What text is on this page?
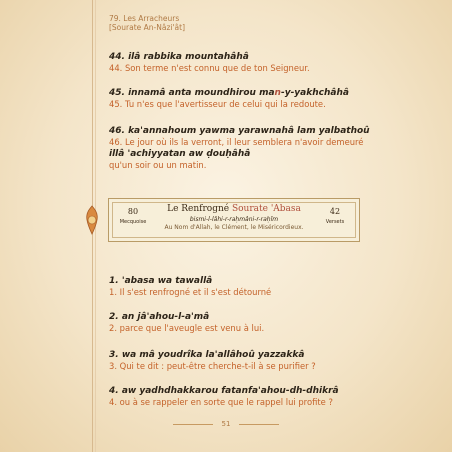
79. Les Arracheurs
[Sourate An-Nâzi'ât]
44. ilâ rabbika mountahâhâ
44. Son terme n'est connu que de ton Seigneur.
45. innamâ anta moundhirou man-y-yakhchâhâ
45. Tu n'es que l'avertisseur de celui qui la redoute.
46. ka'annahoum yawma yarawnahâ lam yalbathoû
46. Le jour où ils la verront, il leur semblera n'avoir demeuré
illâ 'achiyyatan aw ḍouḥâhâ
qu'un soir ou un matin.
80
Mecquoise
Le Renfrogné Sourate 'Abasa
bismi-l-lâhi-r-raḥmâni-r-raḥîm
Au Nom d'Allah, le Clément, le Miséricordieux.
42
Versets
1. 'abasa wa tawallâ
1. Il s'est renfrogné et il s'est détourné
2. an jâ'ahou-l-a'mâ
2. parce que l'aveugle est venu à lui.
3. wa mâ youdrîka la'allâhoû yazzakkâ
3. Qui te dit : peut-être cherche-t-il à se purifier ?
4. aw yadhdhakkarou fatanfa'ahou-dh-dhikrâ
4. ou à se rappeler en sorte que le rappel lui profite ?
51
